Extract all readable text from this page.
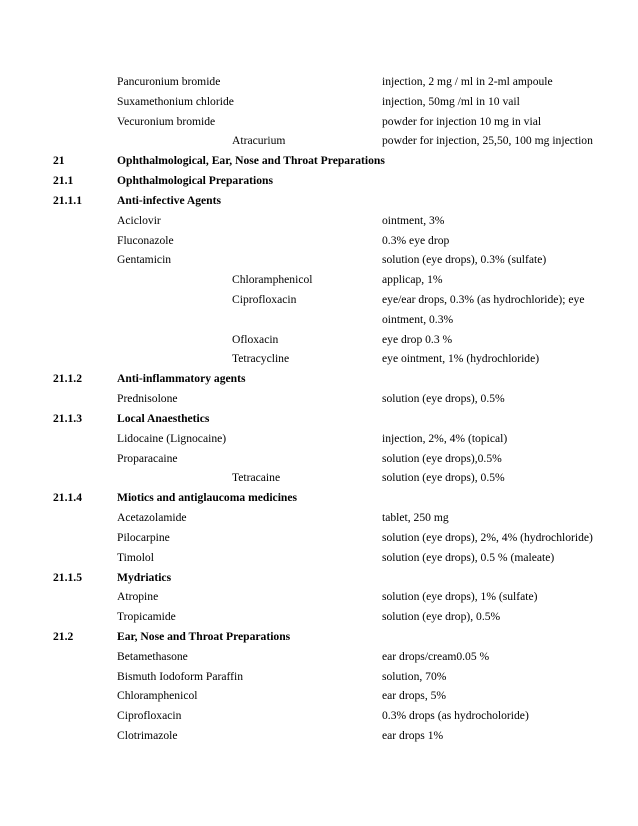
Pancuronium bromide	injection, 2 mg / ml in 2-ml ampoule
Suxamethonium chloride	injection, 50mg /ml in 10 vail
Vecuronium bromide	powder for injection 10 mg in vial
Atracurium	powder for injection, 25,50, 100 mg injection
21	Ophthalmological, Ear, Nose and Throat Preparations
21.1	Ophthalmological Preparations
21.1.1	Anti-infective Agents
Aciclovir	ointment, 3%
Fluconazole	0.3% eye drop
Gentamicin	solution (eye drops), 0.3% (sulfate)
Chloramphenicol	applicap, 1%
Ciprofloxacin	eye/ear drops, 0.3% (as hydrochloride); eye
ointment, 0.3%
Ofloxacin	eye drop 0.3 %
Tetracycline	eye ointment, 1% (hydrochloride)
21.1.2	Anti-inflammatory agents
Prednisolone	solution (eye drops), 0.5%
21.1.3	Local Anaesthetics
Lidocaine (Lignocaine)	injection, 2%, 4% (topical)
Proparacaine	solution (eye drops),0.5%
Tetracaine	solution (eye drops), 0.5%
21.1.4	Miotics and antiglaucoma medicines
Acetazolamide	tablet, 250 mg
Pilocarpine	solution (eye drops), 2%, 4% (hydrochloride)
Timolol	solution (eye drops), 0.5 % (maleate)
21.1.5	Mydriatics
Atropine	solution (eye drops), 1% (sulfate)
Tropicamide	solution (eye drop), 0.5%
21.2	Ear, Nose and Throat Preparations
Betamethasone	ear drops/cream0.05 %
Bismuth Iodoform Paraffin	solution, 70%
Chloramphenicol	ear drops, 5%
Ciprofloxacin	0.3% drops (as hydrocholoride)
Clotrimazole	ear drops 1%
